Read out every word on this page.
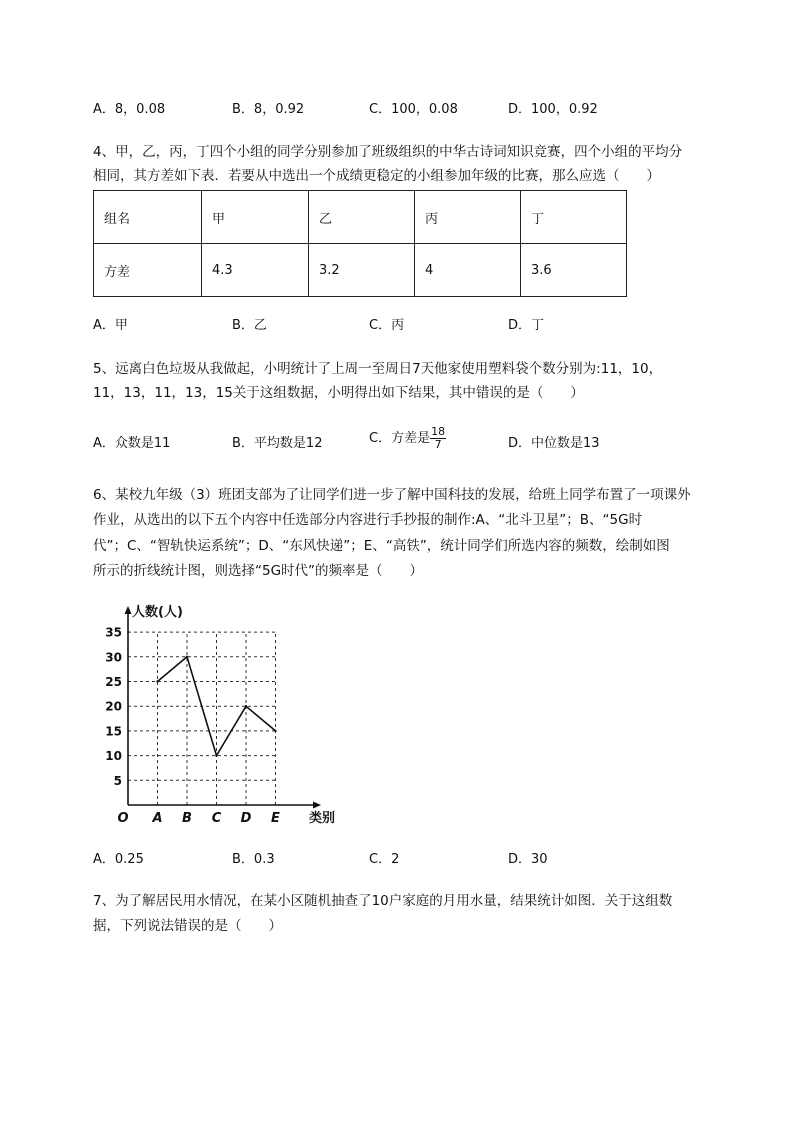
A．8，0.08	B．8，0.92	C．100，0.08	D．100，0.92
4、甲，乙，丙，丁四个小组的同学分别参加了班级组织的中华古诗词知识竞赛，四个小组的平均分
相同，其方差如下表．若要从中选出一个成绩更稳定的小组参加年级的比赛，那么应选（　　）
组名	甲	乙	丙	丁
方差	4.3	3.2	4	3.6
A．甲	B．乙	C．丙	D．丁
5、远离白色垃圾从我做起，小明统计了上周一至周日7天他家使用塑料袋个数分别为:11，10，
11，13，11，13，15关于这组数据，小明得出如下结果，其中错误的是（　　）
A．众数是11	B．平均数是12	C．方差是 $\frac{18}{7}$	D．中位数是13
6、某校九年级（3）班团支部为了让同学们进一步了解中国科技的发展，给班上同学布置了一项课外
作业，从选出的以下五个内容中任选部分内容进行手抄报的制作:A、“北斗卫星”；B、“5G时
代”；C、“智轨快运系统”；D、“东风快递”；E、“高铁”，统计同学们所选内容的频数，绘制如图
所示的折线统计图，则选择“5G时代”的频率是（　　）
5
10
15
20
25
30
35
A B C D E
O
人数(人)
类别
A．0.25	B．0.3	C．2	D．30
7、为了解居民用水情况，在某小区随机抽查了10户家庭的月用水量，结果统计如图．关于这组数
据，下列说法错误的是（　　）
